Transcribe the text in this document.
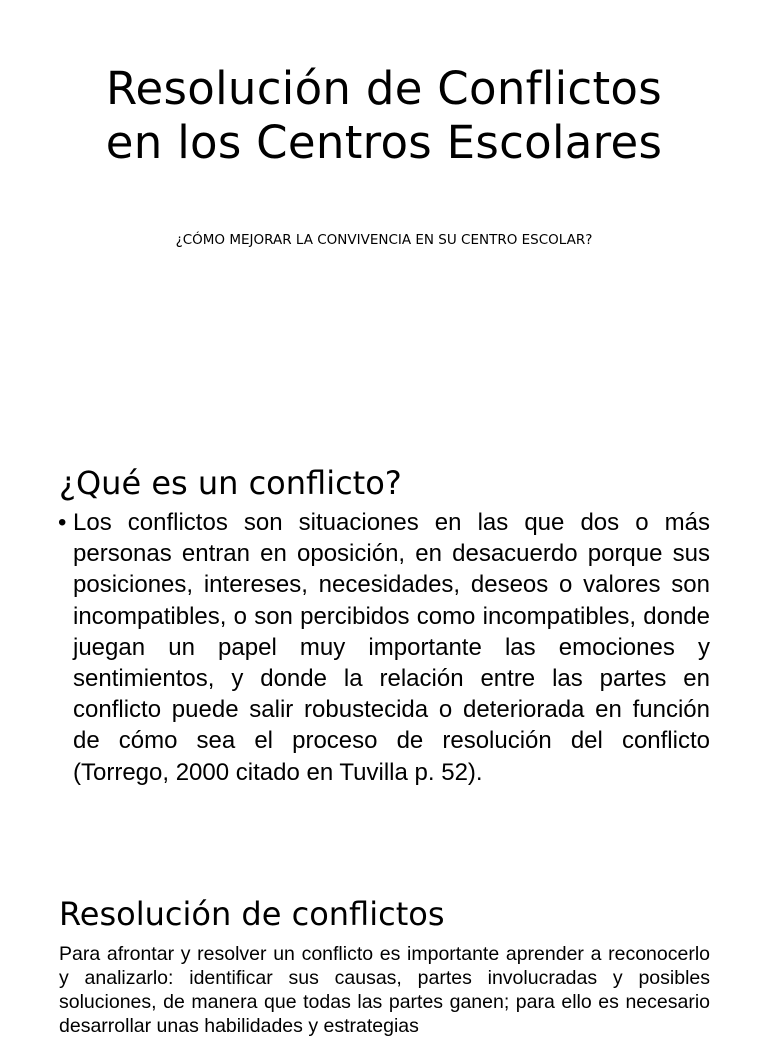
Resolución de Conflictos en los Centros Escolares
¿CÓMO MEJORAR LA CONVIVENCIA EN SU CENTRO ESCOLAR?
¿Qué es un conflicto?
• Los conflictos son situaciones en las que dos o más personas entran en oposición, en desacuerdo porque sus posiciones, intereses, necesidades, deseos o valores son incompatibles, o son percibidos como incompatibles, donde juegan un papel muy importante las emociones y sentimientos, y donde la relación entre las partes en conflicto puede salir robustecida o deteriorada en función de cómo sea el proceso de resolución del conflicto (Torrego, 2000 citado en Tuvilla p. 52).
Resolución de conflictos

Para afrontar y resolver un conflicto es importante aprender a reconocerlo y analizarlo: identificar sus causas, partes involucradas y posibles soluciones, de manera que todas las partes ganen; para ello es necesario desarrollar unas habilidades y estrategias
